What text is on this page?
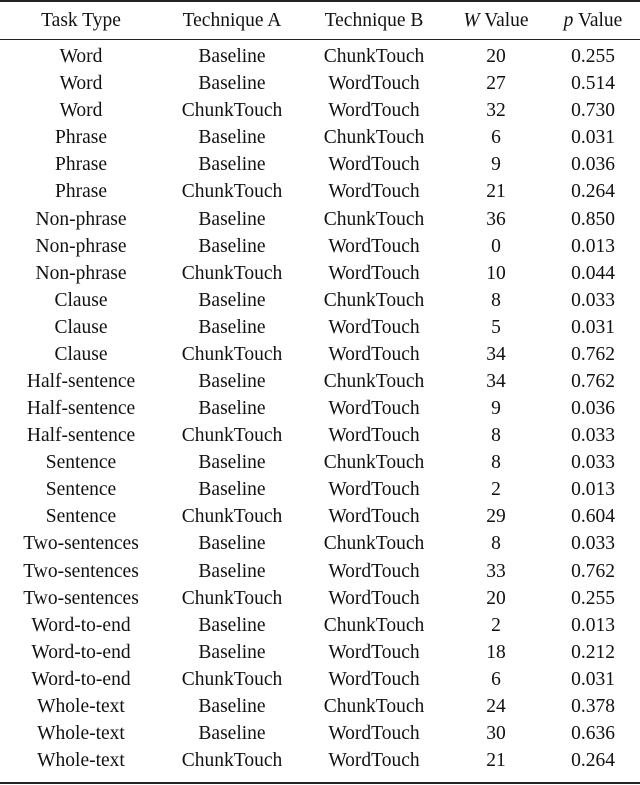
Task Type	Technique A	Technique B	W Value	p Value
Word	Baseline	ChunkTouch	20	0.255
Word	Baseline	WordTouch	27	0.514
Word	ChunkTouch	WordTouch	32	0.730
Phrase	Baseline	ChunkTouch	6	0.031
Phrase	Baseline	WordTouch	9	0.036
Phrase	ChunkTouch	WordTouch	21	0.264
Non-phrase	Baseline	ChunkTouch	36	0.850
Non-phrase	Baseline	WordTouch	0	0.013
Non-phrase	ChunkTouch	WordTouch	10	0.044
Clause	Baseline	ChunkTouch	8	0.033
Clause	Baseline	WordTouch	5	0.031
Clause	ChunkTouch	WordTouch	34	0.762
Half-sentence	Baseline	ChunkTouch	34	0.762
Half-sentence	Baseline	WordTouch	9	0.036
Half-sentence	ChunkTouch	WordTouch	8	0.033
Sentence	Baseline	ChunkTouch	8	0.033
Sentence	Baseline	WordTouch	2	0.013
Sentence	ChunkTouch	WordTouch	29	0.604
Two-sentences	Baseline	ChunkTouch	8	0.033
Two-sentences	Baseline	WordTouch	33	0.762
Two-sentences	ChunkTouch	WordTouch	20	0.255
Word-to-end	Baseline	ChunkTouch	2	0.013
Word-to-end	Baseline	WordTouch	18	0.212
Word-to-end	ChunkTouch	WordTouch	6	0.031
Whole-text	Baseline	ChunkTouch	24	0.378
Whole-text	Baseline	WordTouch	30	0.636
Whole-text	ChunkTouch	WordTouch	21	0.264
